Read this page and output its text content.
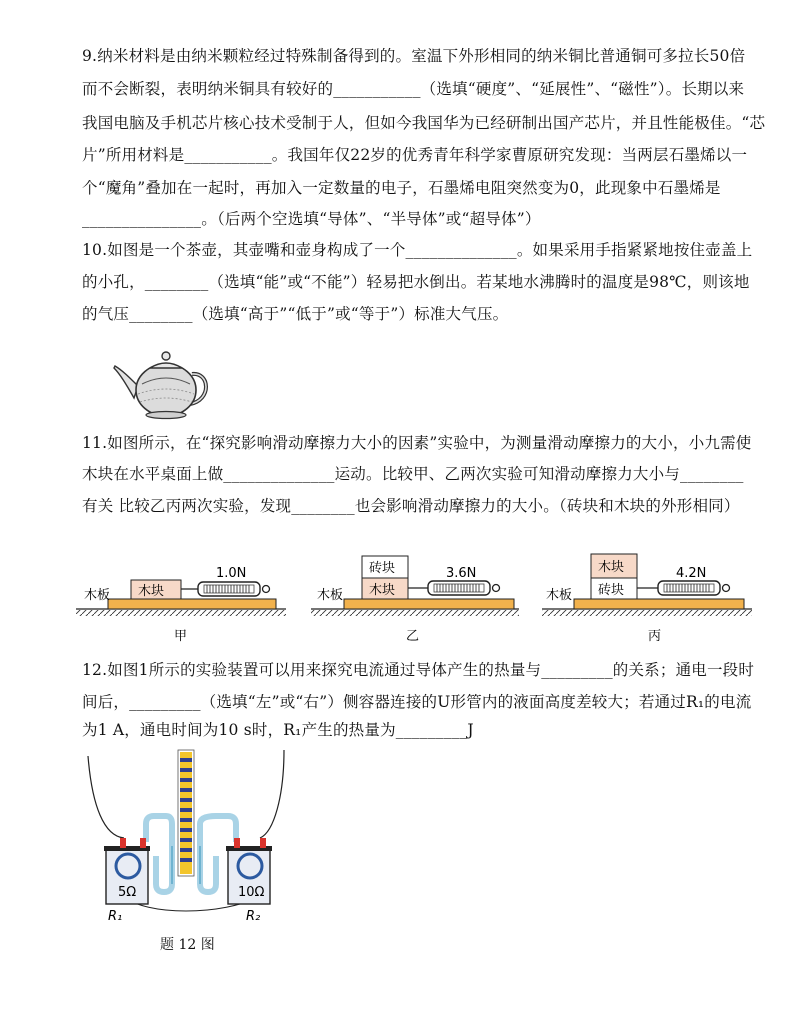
9.纳米材料是由纳米颗粒经过特殊制备得到的。室温下外形相同的纳米铜比普通铜可多拉长50倍
而不会断裂，表明纳米铜具有较好的___________（选填“硬度”、“延展性”、“磁性”）。长期以来
我国电脑及手机芯片核心技术受制于人，但如今我国华为已经研制出国产芯片，并且性能极佳。“芯
片”所用材料是___________。我国年仅22岁的优秀青年科学家曹原研究发现：当两层石墨烯以一
个“魔角”叠加在一起时，再加入一定数量的电子，石墨烯电阻突然变为0，此现象中石墨烯是
_______________。（后两个空选填“导体”、“半导体”或“超导体”）
10.如图是一个茶壶，其壶嘴和壶身构成了一个______________。如果采用手指紧紧地按住壶盖上
的小孔，________（选填“能”或“不能”）轻易把水倒出。若某地水沸腾时的温度是98℃，则该地
的气压________（选填“高于”“低于”或“等于”）标准大气压。
11.如图所示，在“探究影响滑动摩擦力大小的因素”实验中，为测量滑动摩擦力的大小，小九需使
木块在水平桌面上做______________运动。比较甲、乙两次实验可知滑动摩擦力大小与________
有关 比较乙丙两次实验，发现________也会影响滑动摩擦力的大小。（砖块和木块的外形相同）
木板 木块
1.0N
甲
木板
砖块
木块
3.6N
乙
木板
木块
砖块
4.2N
丙
12.如图1所示的实验装置可以用来探究电流通过导体产生的热量与_________的关系；通电一段时
间后，_________（选填“左”或“右”）侧容器连接的U形管内的液面高度差较大；若通过R₁的电流
为1 A，通电时间为10 s时，R₁产生的热量为_________J
5Ω	10Ω
R₁	R₂
题 12 图
